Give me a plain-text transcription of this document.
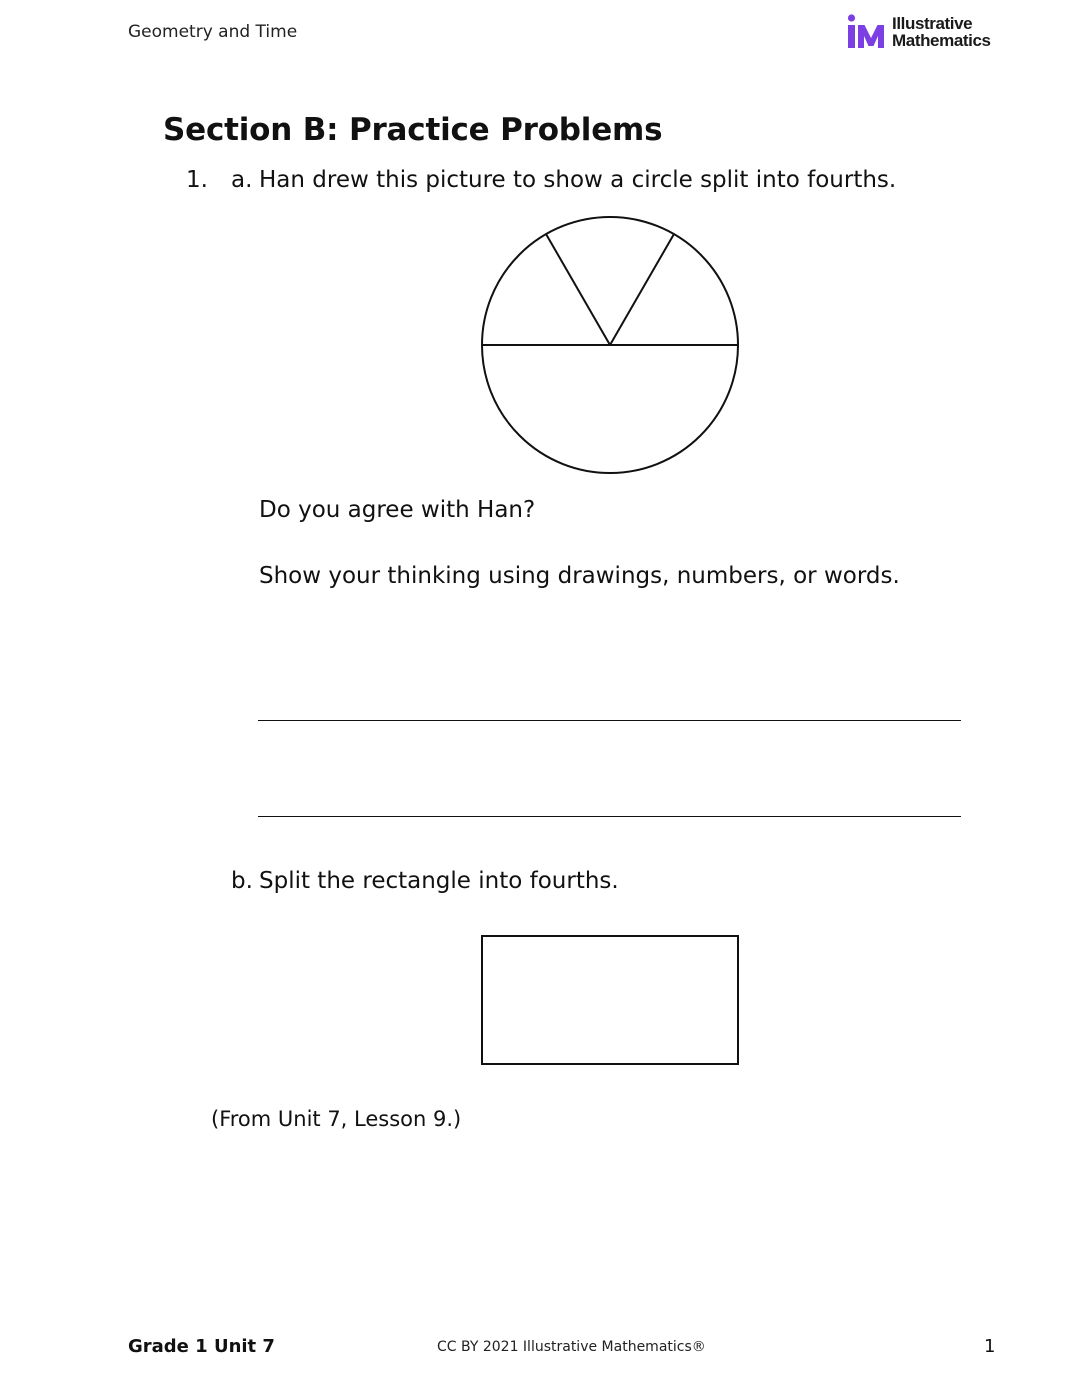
Geometry and Time	Illustrative
Mathematics
Section B: Practice Problems
1. a. Han drew this picture to show a circle split into fourths.
Do you agree with Han?
Show your thinking using drawings, numbers, or words.
b. Split the rectangle into fourths.
(From Unit 7, Lesson 9.)
Grade 1 Unit 7	CC BY 2021 Illustrative Mathematics®	1
